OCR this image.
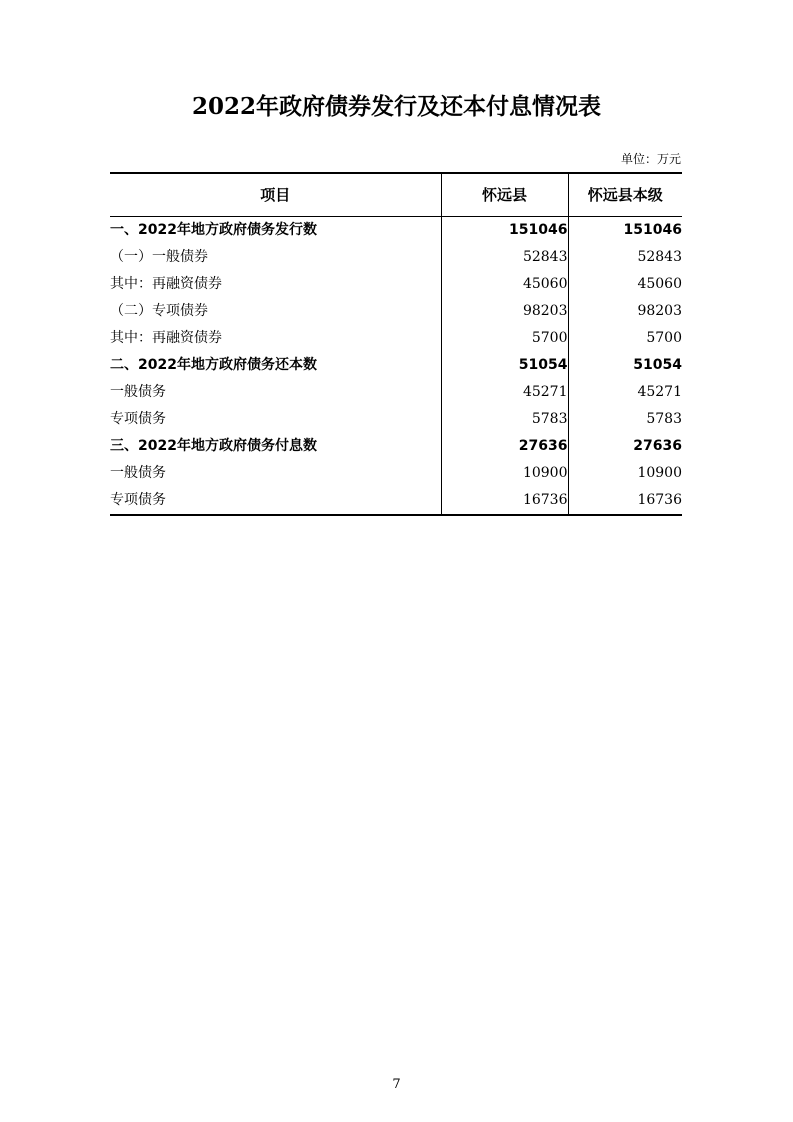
2022年政府债券发行及还本付息情况表
单位：万元
项目	怀远县	怀远县本级
一、2022年地方政府债务发行数	151046	151046
（一）一般债券	52843	52843
其中：再融资债券	45060	45060
（二）专项债券	98203	98203
其中：再融资债券	5700	5700
二、2022年地方政府债务还本数	51054	51054
一般债务	45271	45271
专项债务	5783	5783
三、2022年地方政府债务付息数	27636	27636
一般债务	10900	10900
专项债务	16736	16736
7
